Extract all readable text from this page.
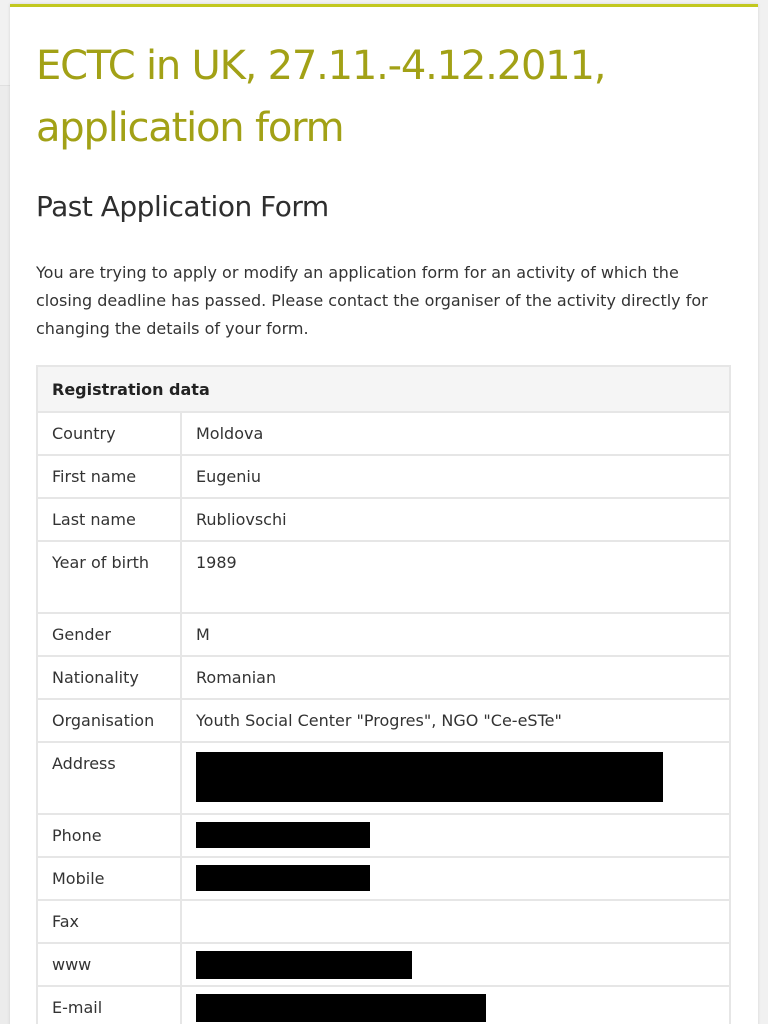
ECTC in UK, 27.11.-4.12.2011, application form
Past Application Form

You are trying to apply or modify an application form for an activity of which the closing deadline has passed. Please contact the organiser of the activity directly for changing the details of your form.

Registration data	
Country	Moldova
First name	Eugeniu
Last name	Rubliovschi
Year of birth	1989
Gender	M
Nationality	Romanian
Organisation	Youth Social Center "Progres", NGO "Ce-eSTe"
Address	
Phone	
Mobile	
Fax	
www	
E-mail	
